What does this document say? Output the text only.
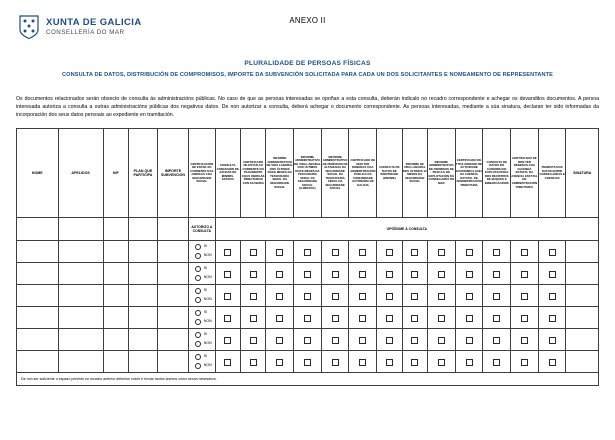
XUNTA DE GALICIA
CONSELLERÍA DO MAR
ANEXO II
PLURALIDADE DE PERSOAS FÍSICAS
CONSULTA DE DATOS, DISTRIBUCIÓN DE COMPROMISOS, IMPORTE DA SUBVENCIÓN SOLICITADA PARA CADA UN DOS SOLICITANTES E NOMEAMENTO DE REPRESENTANTE

Os documentos relacionados serán obxecto de consulta ás administracións públicas. No caso de que as persoas interesadas se opoñan a esta consulta, deberán indicalo no recadro correspondente e achegar os devanditos documentos. A persoa interesada autoriza a consulta a outras administracións públicas dos negativos datos. De non autorizar a consulta, deberá achegar o documento correspondente. As persoas interesadas, mediante a súa sinatura, declaran ter sido informadas da incorporación dos seus datos persoais ao expediente en tramitación.

NOME	APELIDOS	NIF	PLAN QUE PARTICIPA	IMPORTE SUBVENCIÓN	CERTIFICACIÓN DE ESTAR AO CORRENTE DAS OBRIGAS COA SEGURIDADE SOCIAL	CONSULTA CONCESIÓN DE AXUDAS DE MINIMIS. ESTADO	CERTIFICADO DE ESTAR AO CORRENTE DO PAGAMENTO COAS OBRIGAS TRIBUTARIAS CON FACENDA	INFORME ADMINISTRATIVO DE VIDA LABORAL DOS ÚLTIMOS DOCE MESES DA TESOURARÍA XERAL DA SEGURIDADE SOCIAL	INFORME ADMINISTRATIVO DE VIDA LABORAL DOS ÚLTIMOS DOCE MESES DA TESOURARÍA XERAL DA SEGURIDADE SOCIAL (ILIMITADA)	INFORME ADMINISTRATIVO DE PERÍODOS DE ALTA/BAIXA DA SEGURIDADE SOCIAL DA TESOURARÍA XERAL DA SEGURIDADE SOCIAL	CERTIFICADO DE NON TER DÉBEDAS COA ADMINISTRACIÓN PÚBLICA DA COMUNIDADE AUTÓNOMA DE GALICIA	CONSULTA DE DATOS DE IDENTIDADE (DNI/NIE)	INFORME DE VIDA LABORAL DOS ÚLTIMOS 12 MESES DA SEGURIDADE SOCIAL	INFORME ADMINISTRATIVO DE PERMISOS DE PESCA E DE EXPLOTACIÓN DA CONSELLERÍA DO MAR	CERTIFICADO DE TITULARIDADE DE ACTIVIDADE ECONÓMICA (IAE) DA AXENCIA ESTATAL DE ADMINISTRACIÓN TRIBUTARIA	CONSULTA DE DATOS DO CADERNO DE EXPLOTACIÓN E DOS REXISTROS DE BUQUES E EMBARCACIÓNS	CERTIFICADO DE NON TER DÉBEDAS COA FACENDA ESTATAL DA AXENCIA ESTATAL DE ADMINISTRACIÓN TRIBUTARIA	PERMUTA DOS DATOS ENTRE CONSELLERÍAS E AXENCIAS	SINATURA
					AUTORIZO A CONSULTA	OPÓÑOME Á CONSULTA													

					SI
NON														

					SI
NON														

					SI
NON														

					SI
NON														

					SI
NON														

					SI
NON														

De non ser suficiente o espazo previsto no recadro anterior débense cubrir e enviar tantos anexos como sexan necesarios.
